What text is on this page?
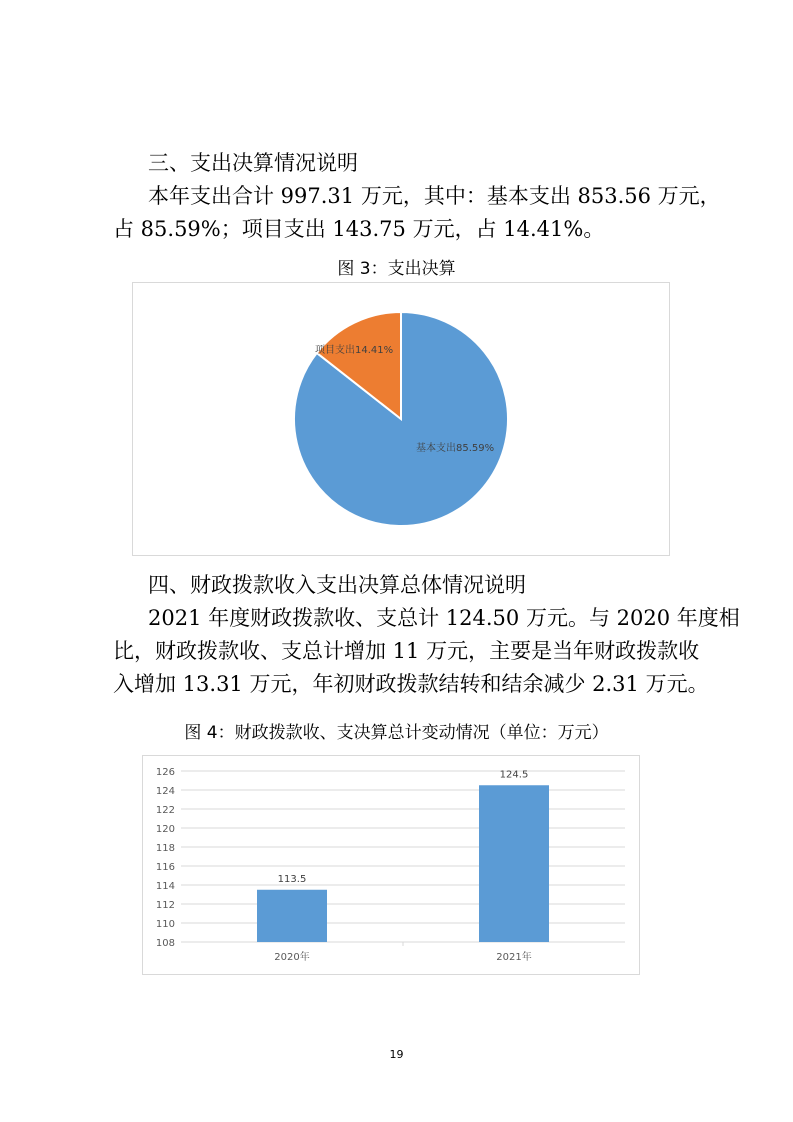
三、支出决算情况说明
本年支出合计 997.31 万元，其中：基本支出 853.56 万元，
占 85.59%；项目支出 143.75 万元，占 14.41%。
图 3：支出决算
基本支出85.59%
项目支出14.41%
四、财政拨款收入支出决算总体情况说明
2021 年度财政拨款收、支总计 124.50 万元。与 2020 年度相
比，财政拨款收、支总计增加 11 万元，主要是当年财政拨款收
入增加 13.31 万元，年初财政拨款结转和结余减少 2.31 万元。
图 4：财政拨款收、支决算总计变动情况（单位：万元）
108
110
112
114
116
118
120
122
124
126
113.5
2020年
124.5
2021年
19
